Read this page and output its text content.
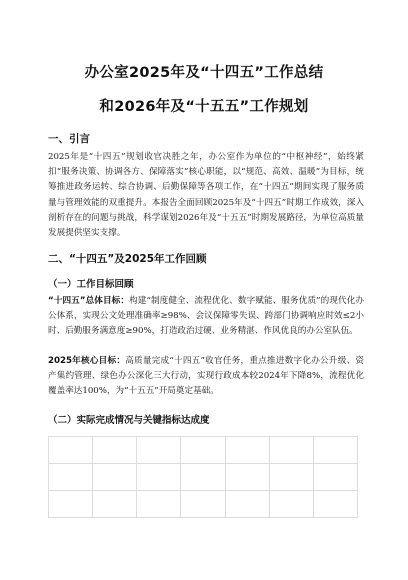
办公室2025年及“十四五”工作总结
和2026年及“十五五”工作规划
一、引言
2025年是“十四五”规划收官决胜之年，办公室作为单位的“中枢神经”，始终紧扣“服务决策、协调各方、保障落实”核心职能，以“规范、高效、温暖”为目标，统筹推进政务运转、综合协调、后勤保障等各项工作，在“十四五”期间实现了服务质量与管理效能的双重提升。本报告全面回顾2025年及“十四五”时期工作成效，深入剖析存在的问题与挑战，科学谋划2026年及“十五五”时期发展路径，为单位高质量发展提供坚实支撑。
二、“十四五”及2025年工作回顾
（一）工作目标回顾
“十四五”总体目标：构建“制度健全、流程优化、数字赋能、服务优质”的现代化办公体系，实现公文处理准确率≥98%、会议保障零失误、跨部门协调响应时效≤2小时、后勤服务满意度≥90%，打造政治过硬、业务精湛、作风优良的办公室队伍。
2025年核心目标：高质量完成“十四五”收官任务，重点推进数字化办公升级、资产集约管理、绿色办公深化三大行动，实现行政成本较2024年下降8%，流程优化覆盖率达100%，为“十五五”开局奠定基础。
（二）实际完成情况与关键指标达成度
